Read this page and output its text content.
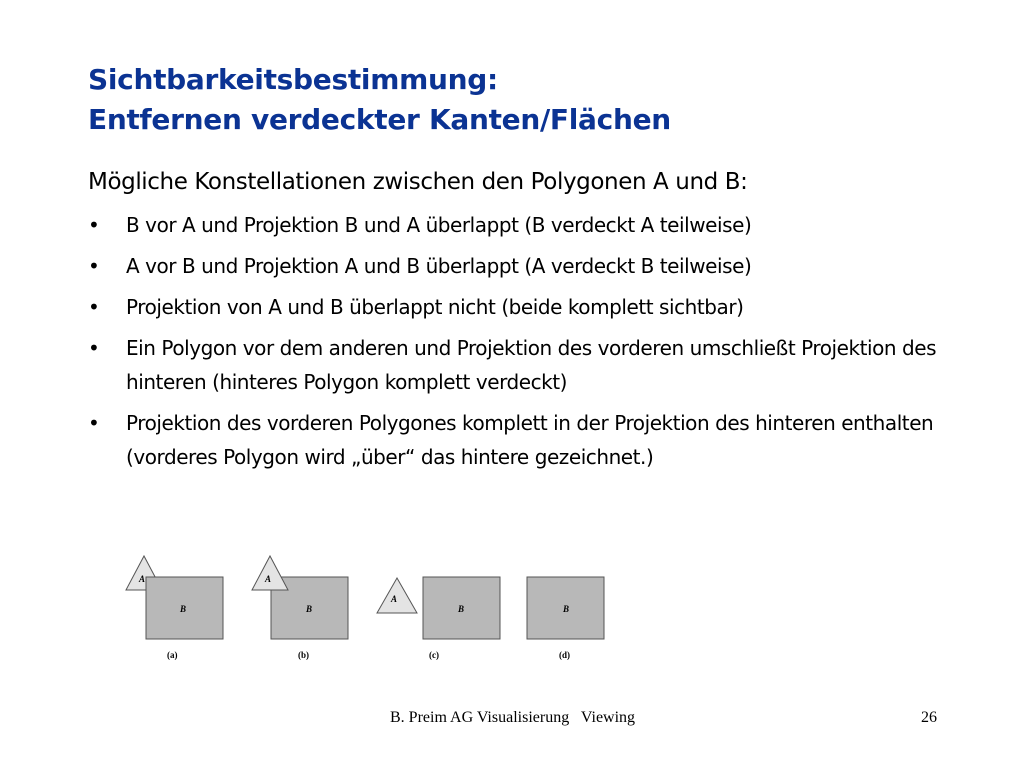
Sichtbarkeitsbestimmung:
Entfernen verdeckter Kanten/Flächen
Mögliche Konstellationen zwischen den Polygonen A und B:
•	B vor A und Projektion B und A überlappt (B verdeckt A teilweise)
•	A vor B und Projektion A und B überlappt (A verdeckt B teilweise)
•	Projektion von A und B überlappt nicht (beide komplett sichtbar)
•	Ein Polygon vor dem anderen und Projektion des vorderen umschließt Projektion des hinteren (hinteres Polygon komplett verdeckt)
•	Projektion des vorderen Polygones komplett in der Projektion des hinteren enthalten (vorderes Polygon wird „über“ das hintere gezeichnet.)
A
B
(a)
A
B
(b)
A
B
(c)
B
(d)
B. Preim AG Visualisierung   Viewing	26
